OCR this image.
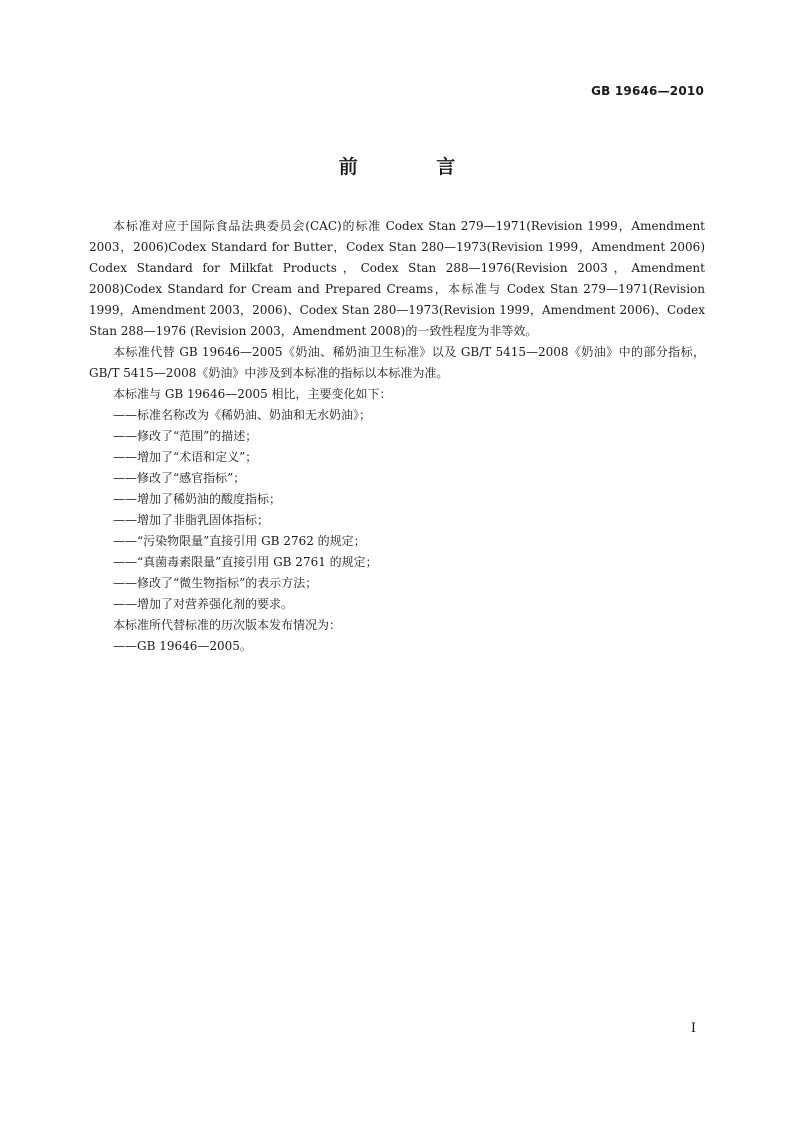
GB 19646—2010
前 言

本标准对应于国际食品法典委员会(CAC)的标准 Codex Stan 279—1971(Revision 1999，Amendment 2003，2006)Codex Standard for Butter，Codex Stan 280—1973(Revision 1999，Amendment 2006) Codex Standard for Milkfat Products，Codex Stan 288—1976(Revision 2003，Amendment 2008)Codex Standard for Cream and Prepared Creams，本标准与 Codex Stan 279—1971(Revision 1999，Amendment 2003，2006)、Codex Stan 280—1973(Revision 1999，Amendment 2006)、Codex Stan 288—1976 (Revision 2003，Amendment 2008)的一致性程度为非等效。

本标准代替 GB 19646—2005《奶油、稀奶油卫生标准》以及 GB/T 5415—2008《奶油》中的部分指标，GB/T 5415—2008《奶油》中涉及到本标准的指标以本标准为准。

本标准与 GB 19646—2005 相比，主要变化如下：

——标准名称改为《稀奶油、奶油和无水奶油》；
——修改了“范围”的描述；
——增加了“术语和定义”；
——修改了“感官指标”；
——增加了稀奶油的酸度指标；
——增加了非脂乳固体指标；
——“污染物限量”直接引用 GB 2762 的规定；
——“真菌毒素限量”直接引用 GB 2761 的规定；
——修改了“微生物指标”的表示方法；
——增加了对营养强化剂的要求。

本标准所代替标准的历次版本发布情况为：

——GB 19646—2005。
I
